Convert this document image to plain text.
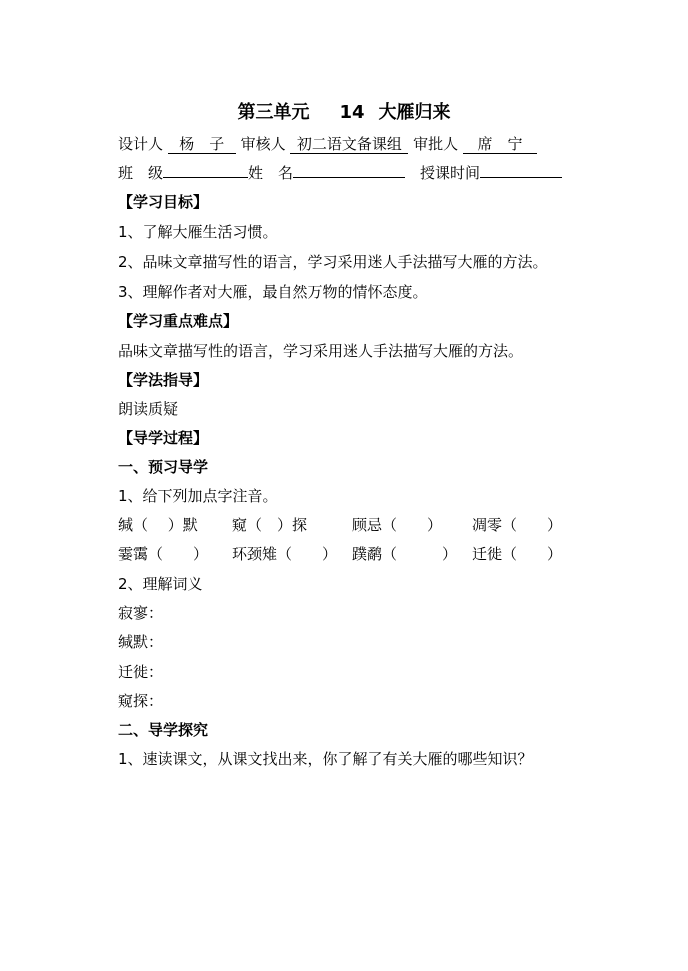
第三单元 14 大雁归来
设计人 杨　子 审核人 初二语文备课组 审批人 席　宁
班　级	姓　名　	授课时间
【学习目标】
1、了解大雁生活习惯。
2、品味文章描写性的语言，学习采用迷人手法描写大雁的方法。
3、理解作者对大雁，最自然万物的情怀态度。
【学习重点难点】
品味文章描写性的语言，学习采用迷人手法描写大雁的方法。
【学法指导】
朗读质疑
【导学过程】
一、预习导学
1、给下列加点字注音。
缄（　 ）默 窥（　）探	顾忌（　　） 凋零（　　）
霎霭（　　） 环颈雉（　　） 蹼鹬（　　　） 迁徙（　　）
2、理解词义
寂寥：
缄默：
迁徙：
窥探：
二、导学探究
1、速读课文，从课文找出来，你了解了有关大雁的哪些知识？
